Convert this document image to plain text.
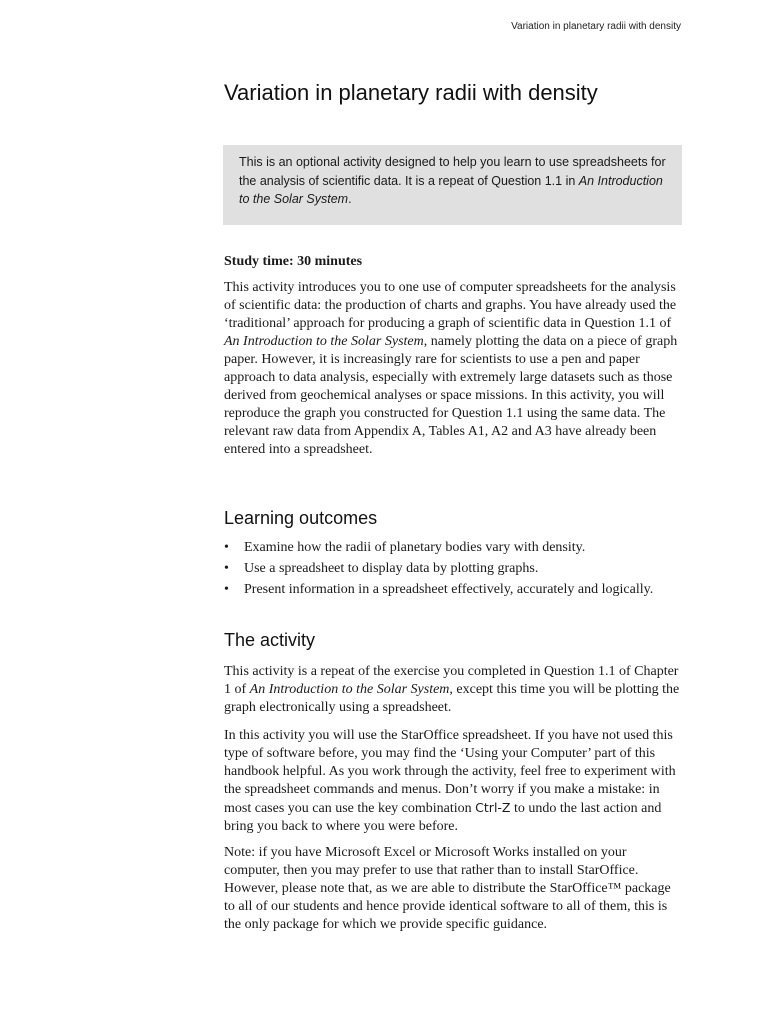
Variation in planetary radii with density
Variation in planetary radii with density

This is an optional activity designed to help you learn to use spreadsheets for the analysis of scientific data. It is a repeat of Question 1.1 in An Introduction to the Solar System.

Study time: 30 minutes

This activity introduces you to one use of computer spreadsheets for the analysis of scientific data: the production of charts and graphs. You have already used the ‘traditional’ approach for producing a graph of scientific data in Question 1.1 of An Introduction to the Solar System, namely plotting the data on a piece of graph paper. However, it is increasingly rare for scientists to use a pen and paper approach to data analysis, especially with extremely large datasets such as those derived from geochemical analyses or space missions. In this activity, you will reproduce the graph you constructed for Question 1.1 using the same data. The relevant raw data from Appendix A, Tables A1, A2 and A3 have already been entered into a spreadsheet.

Learning outcomes
• Examine how the radii of planetary bodies vary with density.
• Use a spreadsheet to display data by plotting graphs.
• Present information in a spreadsheet effectively, accurately and logically.
The activity

This activity is a repeat of the exercise you completed in Question 1.1 of Chapter 1 of An Introduction to the Solar System, except this time you will be plotting the graph electronically using a spreadsheet.

In this activity you will use the StarOffice spreadsheet. If you have not used this type of software before, you may find the ‘Using your Computer’ part of this handbook helpful. As you work through the activity, feel free to experiment with the spreadsheet commands and menus. Don’t worry if you make a mistake: in most cases you can use the key combination Ctrl-Z to undo the last action and bring you back to where you were before.

Note: if you have Microsoft Excel or Microsoft Works installed on your computer, then you may prefer to use that rather than to install StarOffice. However, please note that, as we are able to distribute the StarOffice™ package to all of our students and hence provide identical software to all of them, this is the only package for which we provide specific guidance.
